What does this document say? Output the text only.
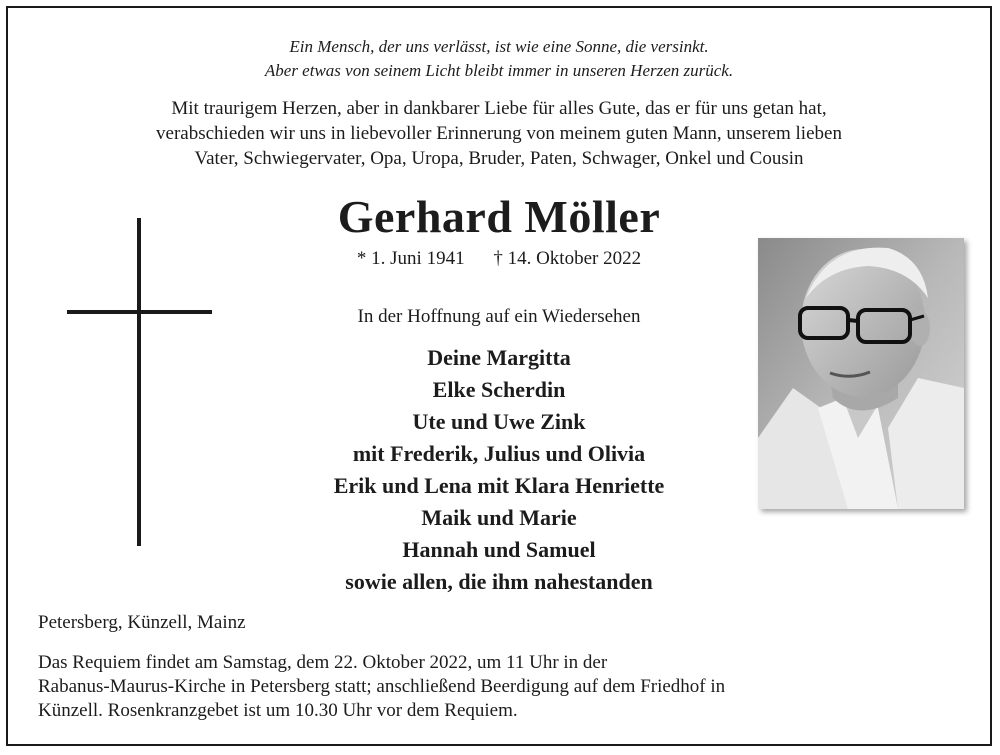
Ein Mensch, der uns verlässt, ist wie eine Sonne, die versinkt.
Aber etwas von seinem Licht bleibt immer in unseren Herzen zurück.
Mit traurigem Herzen, aber in dankbarer Liebe für alles Gute, das er für uns getan hat,
verabschieden wir uns in liebevoller Erinnerung von meinem guten Mann, unserem lieben
Vater, Schwiegervater, Opa, Uropa, Bruder, Paten, Schwager, Onkel und Cousin
Gerhard Möller
* 1. Juni 1941 † 14. Oktober 2022
In der Hoffnung auf ein Wiedersehen
Deine Margitta
Elke Scherdin
Ute und Uwe Zink
mit Frederik, Julius und Olivia
Erik und Lena mit Klara Henriette
Maik und Marie
Hannah und Samuel
sowie allen, die ihm nahestanden
Petersberg, Künzell, Mainz
Das Requiem findet am Samstag, dem 22. Oktober 2022, um 11 Uhr in der
Rabanus-Maurus-Kirche in Petersberg statt; anschließend Beerdigung auf dem Friedhof in
Künzell. Rosenkranzgebet ist um 10.30 Uhr vor dem Requiem.
